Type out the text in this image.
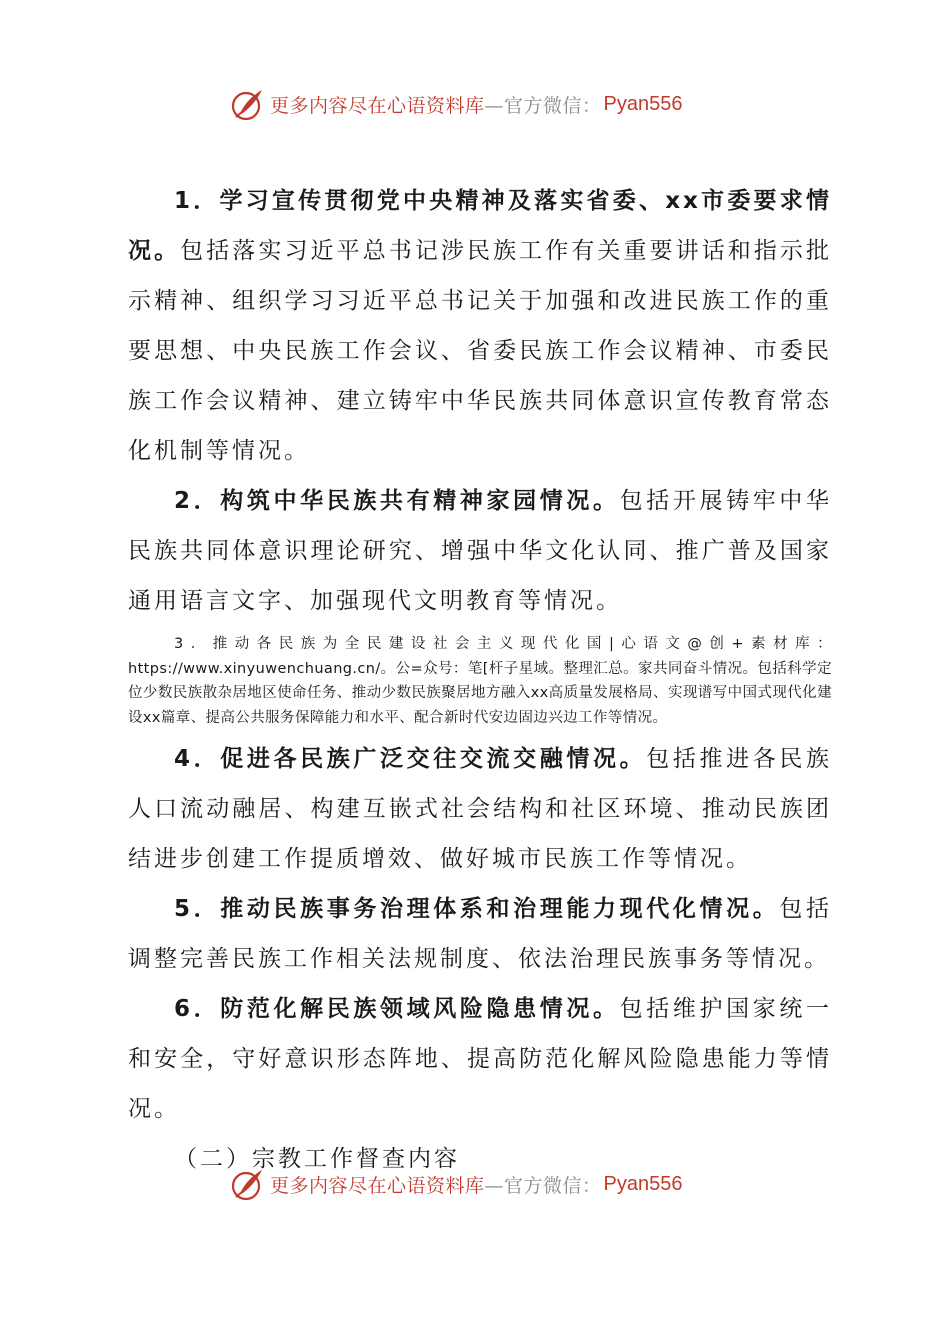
更多内容尽在心语资料库 —官方微信： Pyan556

1．学习宣传贯彻党中央精神及落实省委、xx市委要求情况。包括落实习近平总书记涉民族工作有关重要讲话和指示批示精神、组织学习习近平总书记关于加强和改进民族工作的重要思想、中央民族工作会议、省委民族工作会议精神、市委民族工作会议精神、建立铸牢中华民族共同体意识宣传教育常态化机制等情况。

2．构筑中华民族共有精神家园情况。包括开展铸牢中华民族共同体意识理论研究、增强中华文化认同、推广普及国家通用语言文字、加强现代文明教育等情况。

3．推动各民族为全民建设社会主义现代化国|心语文@创+素材库：https://www.xinyuwenchuang.cn/。公=众号：笔[杆子星域。整理汇总。家共同奋斗情况。包括科学定位少数民族散杂居地区使命任务、推动少数民族聚居地方融入xx高质量发展格局、实现谱写中国式现代化建设xx篇章、提高公共服务保障能力和水平、配合新时代安边固边兴边工作等情况。

4．促进各民族广泛交往交流交融情况。包括推进各民族人口流动融居、构建互嵌式社会结构和社区环境、推动民族团结进步创建工作提质增效、做好城市民族工作等情况。

5．推动民族事务治理体系和治理能力现代化情况。包括调整完善民族工作相关法规制度、依法治理民族事务等情况。

6．防范化解民族领域风险隐患情况。包括维护国家统一和安全，守好意识形态阵地、提高防范化解风险隐患能力等情况。

（二）宗教工作督查内容

更多内容尽在心语资料库 —官方微信： Pyan556
